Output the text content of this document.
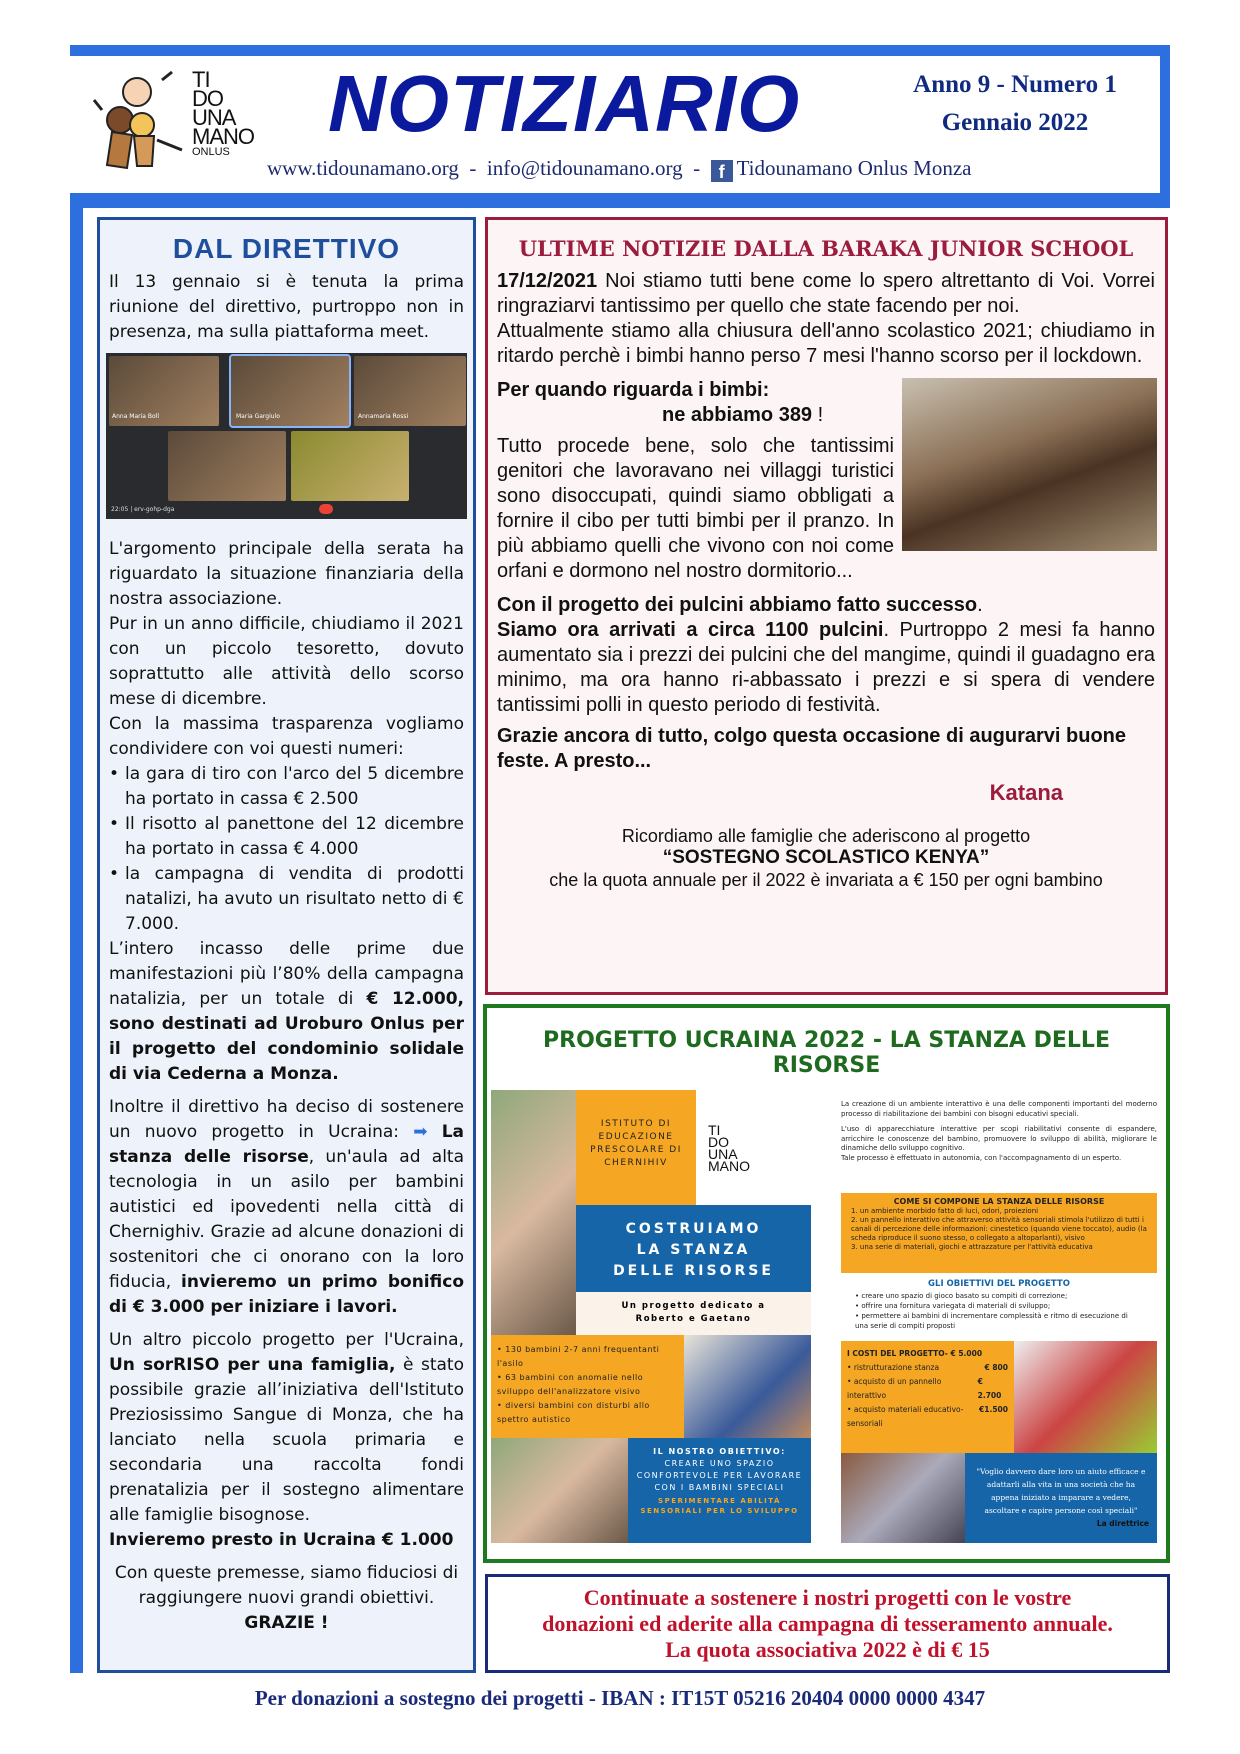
TI
DO
UNA
MANO
ONLUS
NOTIZIARIO	Anno 9 - Numero 1
Gennaio 2022
www.tidounamano.org - info@tidounamano.org - f Tidounamano Onlus Monza
DAL DIRETTIVO

Il 13 gennaio si è tenuta la prima riunione del direttivo, purtroppo non in presenza, ma sulla piattaforma meet.

Anna Maria Boll	Maria Gargiulo	Annamaria Rossi
22:05 | erv-gohp-dga

L'argomento principale della serata ha riguardato la situazione finanziaria della nostra associazione.

Pur in un anno difficile, chiudiamo il 2021 con un piccolo tesoretto, dovuto soprattutto alle attività dello scorso mese di dicembre.

Con la massima trasparenza vogliamo condividere con voi questi numeri:

• la gara di tiro con l'arco del 5 dicembre ha portato in cassa € 2.500
• Il risotto al panettone del 12 dicembre ha portato in cassa € 4.000
• la campagna di vendita di prodotti natalizi, ha avuto un risultato netto di € 7.000.

L’intero incasso delle prime due manifestazioni più l’80% della campagna natalizia, per un totale di € 12.000, sono destinati ad Uroburo Onlus per il progetto del condominio solidale di via Cederna a Monza.

Inoltre il direttivo ha deciso di sostenere un nuovo progetto in Ucraina: ➡ La stanza delle risorse, un'aula ad alta tecnologia in un asilo per bambini autistici ed ipovedenti nella città di Chernighiv. Grazie ad alcune donazioni di sostenitori che ci onorano con la loro fiducia, invieremo un primo bonifico di € 3.000 per iniziare i lavori.

Un altro piccolo progetto per l'Ucraina, Un sorRISO per una famiglia, è stato possibile grazie all’iniziativa dell'Istituto Preziosissimo Sangue di Monza, che ha lanciato nella scuola primaria e secondaria una raccolta fondi prenatalizia per il sostegno alimentare alle famiglie bisognose.

Invieremo presto in Ucraina € 1.000

Con queste premesse, siamo fiduciosi di raggiungere nuovi grandi obiettivi.

GRAZIE !

ULTIME NOTIZIE DALLA BARAKA JUNIOR SCHOOL

17/12/2021 Noi stiamo tutti bene come lo spero altrettanto di Voi. Vorrei ringraziarvi tantissimo per quello che state facendo per noi.

Attualmente stiamo alla chiusura dell'anno scolastico 2021; chiudiamo in ritardo perchè i bimbi hanno perso 7 mesi l'hanno scorso per il lockdown.

Per quando riguarda i bimbi:

ne abbiamo 389 !

Tutto procede bene, solo che tantissimi genitori che lavoravano nei villaggi turistici sono disoccupati, quindi siamo obbligati a fornire il cibo per tutti bimbi per il pranzo. In più abbiamo quelli che vivono con noi come orfani e dormono nel nostro dormitorio...

Con il progetto dei pulcini abbiamo fatto successo.

Siamo ora arrivati a circa 1100 pulcini. Purtroppo 2 mesi fa hanno aumentato sia i prezzi dei pulcini che del mangime, quindi il guadagno era minimo, ma ora hanno ri-abbassato i prezzi e si spera di vendere tantissimi polli in questo periodo di festività.

Grazie ancora di tutto, colgo questa occasione di augurarvi buone feste. A presto...

Katana

Ricordiamo alle famiglie che aderiscono al progetto
“SOSTEGNO SCOLASTICO KENYA”
che la quota annuale per il 2022 è invariata a € 150 per ogni bambino
PROGETTO UCRAINA 2022 - LA STANZA DELLE RISORSE
ISTITUTO DI EDUCAZIONE PRESCOLARE DI CHERNIHIV
TI
DO
UNA
MANO
COSTRUIAMO
LA STANZA
DELLE RISORSE
Un progetto dedicato a Roberto e Gaetano
• 130 bambini 2-7 anni frequentanti l'asilo
• 63 bambini con anomalie nello sviluppo dell'analizzatore visivo
• diversi bambini con disturbi allo spettro autistico
IL NOSTRO OBIETTIVO:
CREARE UNO SPAZIO CONFORTEVOLE PER LAVORARE CON I BAMBINI SPECIALI
SPERIMENTARE ABILITÀ SENSORIALI PER LO SVILUPPO

La creazione di un ambiente interattivo è una delle componenti importanti del moderno processo di riabilitazione dei bambini con bisogni educativi speciali.

L'uso di apparecchiature interattive per scopi riabilitativi consente di espandere, arricchire le conoscenze del bambino, promuovere lo sviluppo di abilità, migliorare le dinamiche dello sviluppo cognitivo.

Tale processo è effettuato in autonomia, con l'accompagnamento di un esperto.

COME SI COMPONE LA STANZA DELLE RISORSE
1. un ambiente morbido fatto di luci, odori, proiezioni
2. un pannello interattivo che attraverso attività sensoriali stimola l'utilizzo di tutti i canali di percezione delle informazioni: cinestetico (quando viene toccato), audio (la scheda riproduce il suono stesso, o collegato a altoparlanti), visivo
3. una serie di materiali, giochi e attrazzature per l'attività educativa
GLI OBIETTIVI DEL PROGETTO
• creare uno spazio di gioco basato su compiti di correzione;
• offrire una fornitura variegata di materiali di sviluppo;
• permettere ai bambini di incrementare complessità e ritmo di esecuzione di una serie di compiti proposti
I COSTI DEL PROGETTO- € 5.000
• ristrutturazione stanza	€ 800
• acquisto di un pannello interattivo
€ 2.700
• acquisto materiali educativo-sensoriali
€1.500
"Voglio davvero dare loro un aiuto efficace e adattarli alla vita in una società che ha appena iniziato a imparare a vedere, ascoltare e capire persone così speciali"
La direttrice
Continuate a sostenere i nostri progetti con le vostre
donazioni ed aderite alla campagna di tesseramento annuale.
La quota associativa 2022 è di € 15
Per donazioni a sostegno dei progetti - IBAN : IT15T 05216 20404 0000 0000 4347
